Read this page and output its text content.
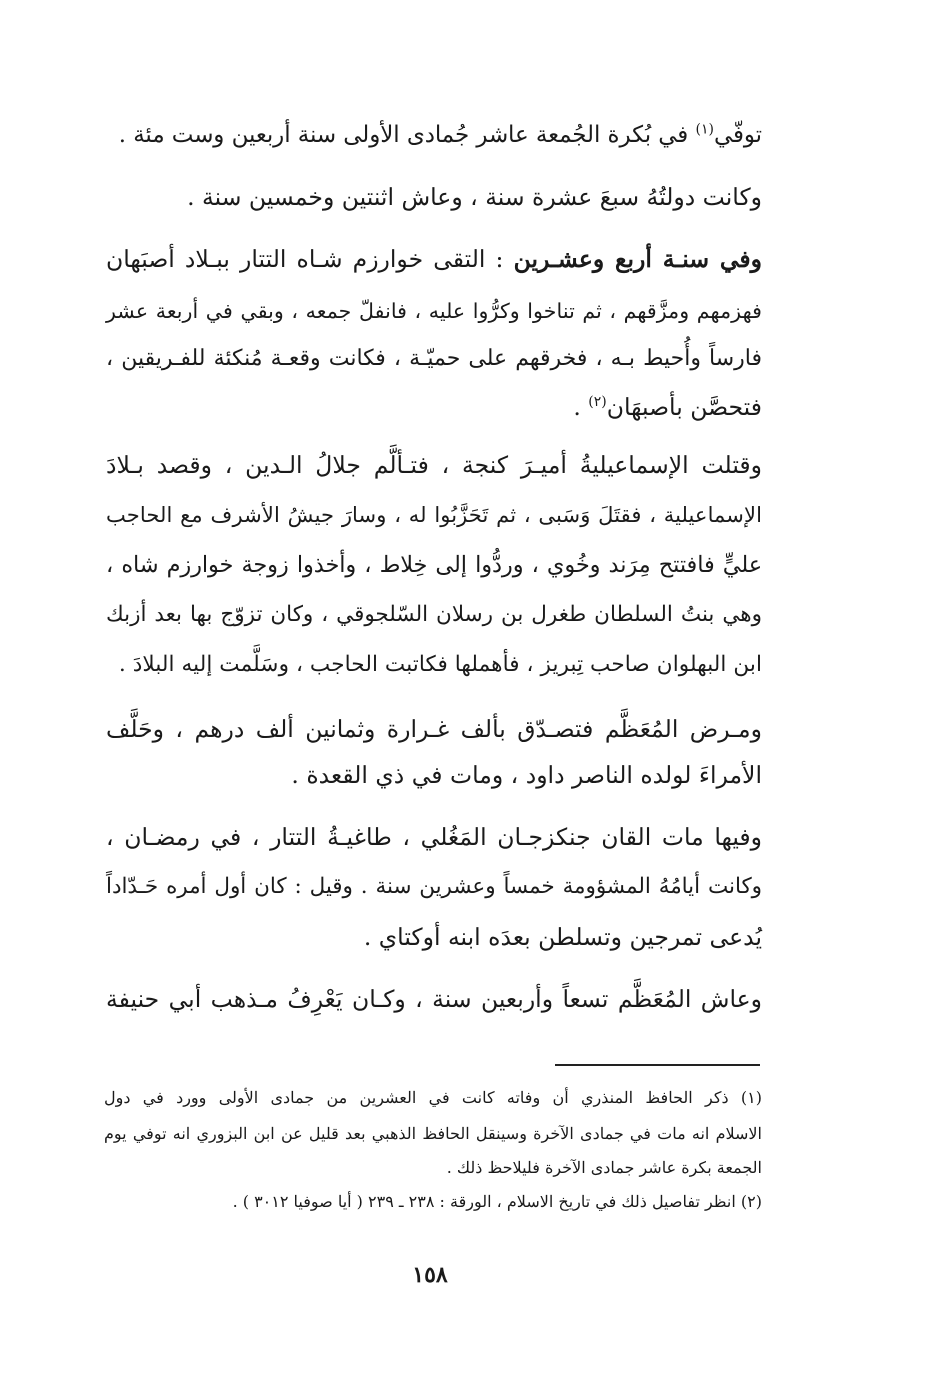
توفّي$^{(١)}$ في بُكرة الجُمعة عاشر جُمادى الأولى سنة أربعين وست مئة .
وكانت دولتُهُ سبعَ عشرة سنة ، وعاش اثنتين وخمسين سنة .
وفي سنـة أربع وعشـرين : التقى خوارزم شـاه التتار ببـلاد أصبَهان
فهزمهم ومزَّقهم ، ثم تناخوا وكرُّوا عليه ، فانفلّ جمعه ، وبقي في أربعة عشر
فارساً وأُحيط بـه ، فخرقهم على حميّـة ، فكانت وقعـة مُنكئة للفـريقين ،
فتحصَّن بأصبهَان$^{(٢)}$ .
وقتلت الإسماعيليةُ أميـرَ كنجة ، فتـألَّم جلالُ الـدين ، وقصد بـلادَ
الإسماعيلية ، فقتَلَ وَسَبى ، ثم تَحَزَّبُوا له ، وسارَ جيشُ الأشرف مع الحاجب
عليٍّ فافتتح مِرَند وخُوي ، وردُّوا إلى خِلاط ، وأخذوا زوجة خوارزم شاه ،
وهي بنتُ السلطان طغرل بن رسلان السّلجوقي ، وكان تزوّج بها بعد أزبك
ابن البهلوان صاحب تِبريز ، فأهملها فكاتبت الحاجب ، وسَلَّمت إليه البلادَ .
ومـرض المُعَظَّم فتصـدّق بألف غـرارة وثمانين ألف درهم ، وحَلَّف
الأمراءَ لولده الناصر داود ، ومات في ذي القعدة .
وفيها مات القان جنكزجـان المَغُلي ، طاغيـةُ التتار ، في رمضـان ،
وكانت أيامُهُ المشؤومة خمساً وعشرين سنة . وقيل : كان أول أمره حَـدّاداً
يُدعى تمرجين وتسلطن بعدَه ابنه أوكتاي .
وعاش المُعَظَّم تسعاً وأربعين سنة ، وكـان يَعْرِفُ مـذهب أبي حنيفة
(١) ذكر الحافظ المنذري أن وفاته كانت في العشرين من جمادى الأولى وورد في دول
الاسلام انه مات في جمادى الآخرة وسينقل الحافظ الذهبي بعد قليل عن ابن البزوري انه توفي يوم
الجمعة بكرة عاشر جمادى الآخرة فليلاحظ ذلك .
(٢) انظر تفاصيل ذلك في تاريخ الاسلام ، الورقة : ٢٣٨ ـ ٢٣٩ ( أيا صوفيا ٣٠١٢ ) .
١٥٨
